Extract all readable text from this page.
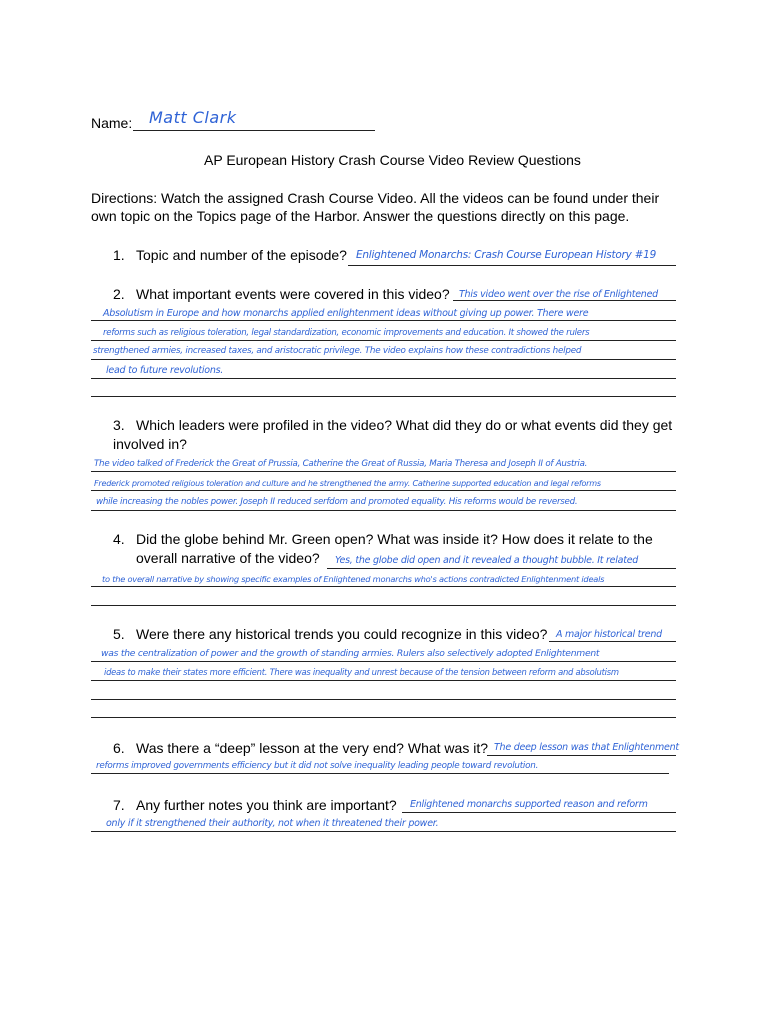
Name: Matt Clark
AP European History Crash Course Video Review Questions
Directions: Watch the assigned Crash Course Video. All the videos can be found under their
own topic on the Topics page of the Harbor. Answer the questions directly on this page.
1. Topic and number of the episode? Enlightened Monarchs: Crash Course European History #19
2. What important events were covered in this video? This video went over the rise of Enlightened
Absolutism in Europe and how monarchs applied enlightenment ideas without giving up power. There were
reforms such as religious toleration, legal standardization, economic improvements and education. It showed the rulers
strengthened armies, increased taxes, and aristocratic privilege. The video explains how these contradictions helped
lead to future revolutions.
3. Which leaders were profiled in the video? What did they do or what events did they get
involved in?
The video talked of Frederick the Great of Prussia, Catherine the Great of Russia, Maria Theresa and Joseph II of Austria.
Frederick promoted religious toleration and culture and he strengthened the army. Catherine supported education and legal reforms
while increasing the nobles power. Joseph II reduced serfdom and promoted equality. His reforms would be reversed.
4. Did the globe behind Mr. Green open? What was inside it? How does it relate to the
overall narrative of the video? Yes, the globe did open and it revealed a thought bubble. It related
to the overall narrative by showing specific examples of Enlightened monarchs who's actions contradicted Enlightenment ideals
5. Were there any historical trends you could recognize in this video? A major historical trend
was the centralization of power and the growth of standing armies. Rulers also selectively adopted Enlightenment
ideas to make their states more efficient. There was inequality and unrest because of the tension between reform and absolutism
6. Was there a “deep” lesson at the very end? What was it? The deep lesson was that Enlightenment
reforms improved governments efficiency but it did not solve inequality leading people toward revolution.
7. Any further notes you think are important? Enlightened monarchs supported reason and reform
only if it strengthened their authority, not when it threatened their power.
